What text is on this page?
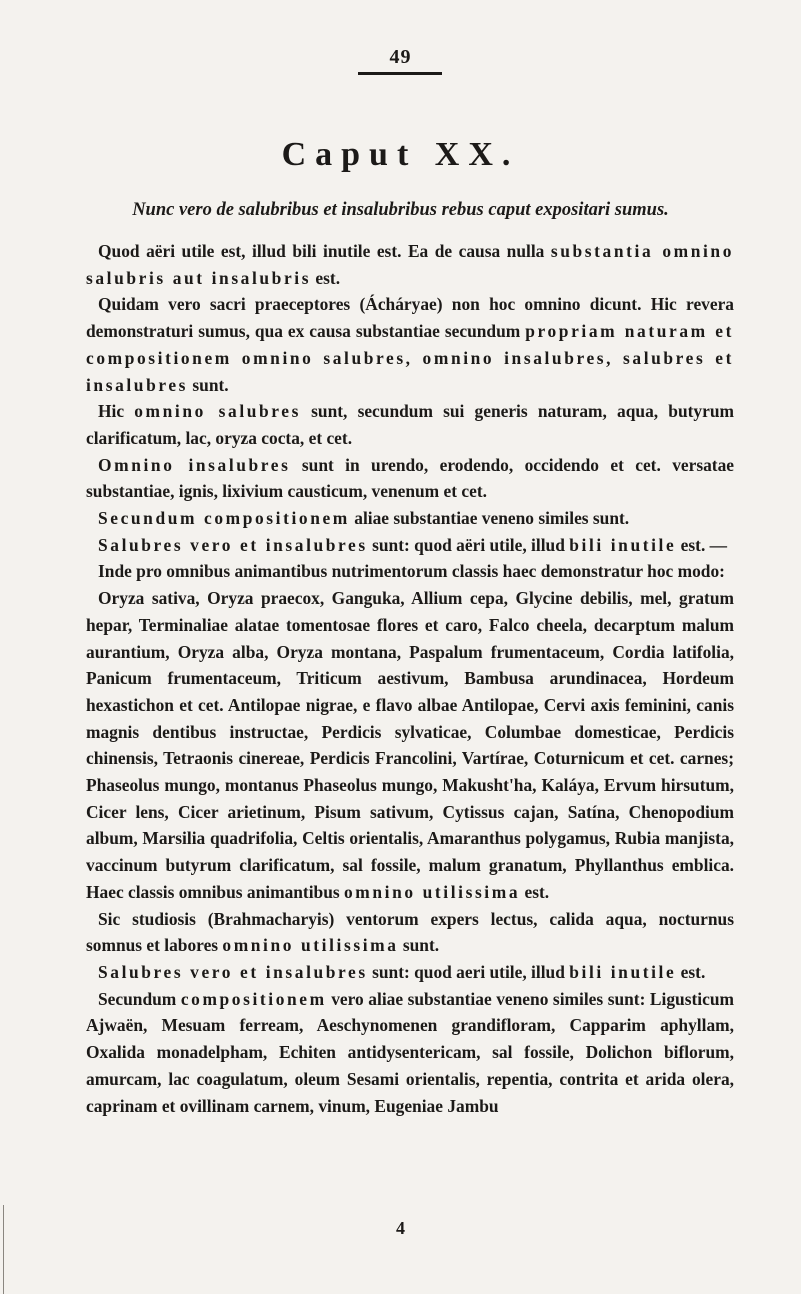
49
Caput XX.
Nunc vero de salubribus et insalubribus rebus caput expositari sumus.

Quod aëri utile est, illud bili inutile est. Ea de causa nulla substantia omnino salubris aut insalubris est.

Quidam vero sacri praeceptores (Ácháryae) non hoc omnino dicunt. Hic revera demonstraturi sumus, qua ex causa substantiae secundum propriam naturam et compositionem omnino salubres, omnino insalubres, salubres et insalubres sunt.

Hic omnino salubres sunt, secundum sui generis naturam, aqua, butyrum clarificatum, lac, oryza cocta, et cet.

Omnino insalubres sunt in urendo, erodendo, occidendo et cet. versatae substantiae, ignis, lixivium causticum, venenum et cet.

Secundum compositionem aliae substantiae veneno similes sunt.

Salubres vero et insalubres sunt: quod aëri utile, illud bili inutile est. —

Inde pro omnibus animantibus nutrimentorum classis haec demonstratur hoc modo:

Oryza sativa, Oryza praecox, Ganguka, Allium cepa, Glycine debilis, mel, gratum hepar, Terminaliae alatae tomentosae flores et caro, Falco cheela, decarptum malum aurantium, Oryza alba, Oryza montana, Paspalum frumentaceum, Cordia latifolia, Panicum frumentaceum, Triticum aestivum, Bambusa arundinacea, Hordeum hexastichon et cet. Antilopae nigrae, e flavo albae Antilopae, Cervi axis feminini, canis magnis dentibus instructae, Perdicis sylvaticae, Columbae domesticae, Perdicis chinensis, Tetraonis cinereae, Perdicis Francolini, Vartírae, Coturnicum et cet. carnes; Phaseolus mungo, montanus Phaseolus mungo, Makusht'ha, Kaláya, Ervum hirsutum, Cicer lens, Cicer arietinum, Pisum sativum, Cytissus cajan, Satína, Chenopodium album, Marsilia quadrifolia, Celtis orientalis, Amaranthus polygamus, Rubia manjista, vaccinum butyrum clarificatum, sal fossile, malum granatum, Phyllanthus emblica. Haec classis omnibus animantibus omnino utilissima est.

Sic studiosis (Brahmacharyis) ventorum expers lectus, calida aqua, nocturnus somnus et labores omnino utilissima sunt.

Salubres vero et insalubres sunt: quod aeri utile, illud bili inutile est.

Secundum compositionem vero aliae substantiae veneno similes sunt: Ligusticum Ajwaën, Mesuam ferream, Aeschynomenen grandifloram, Capparim aphyllam, Oxalida monadelpham, Echiten antidysentericam, sal fossile, Dolichon biflorum, amurcam, lac coagulatum, oleum Sesami orientalis, repentia, contrita et arida olera, caprinam et ovillinam carnem, vinum, Eugeniae Jambu

4
